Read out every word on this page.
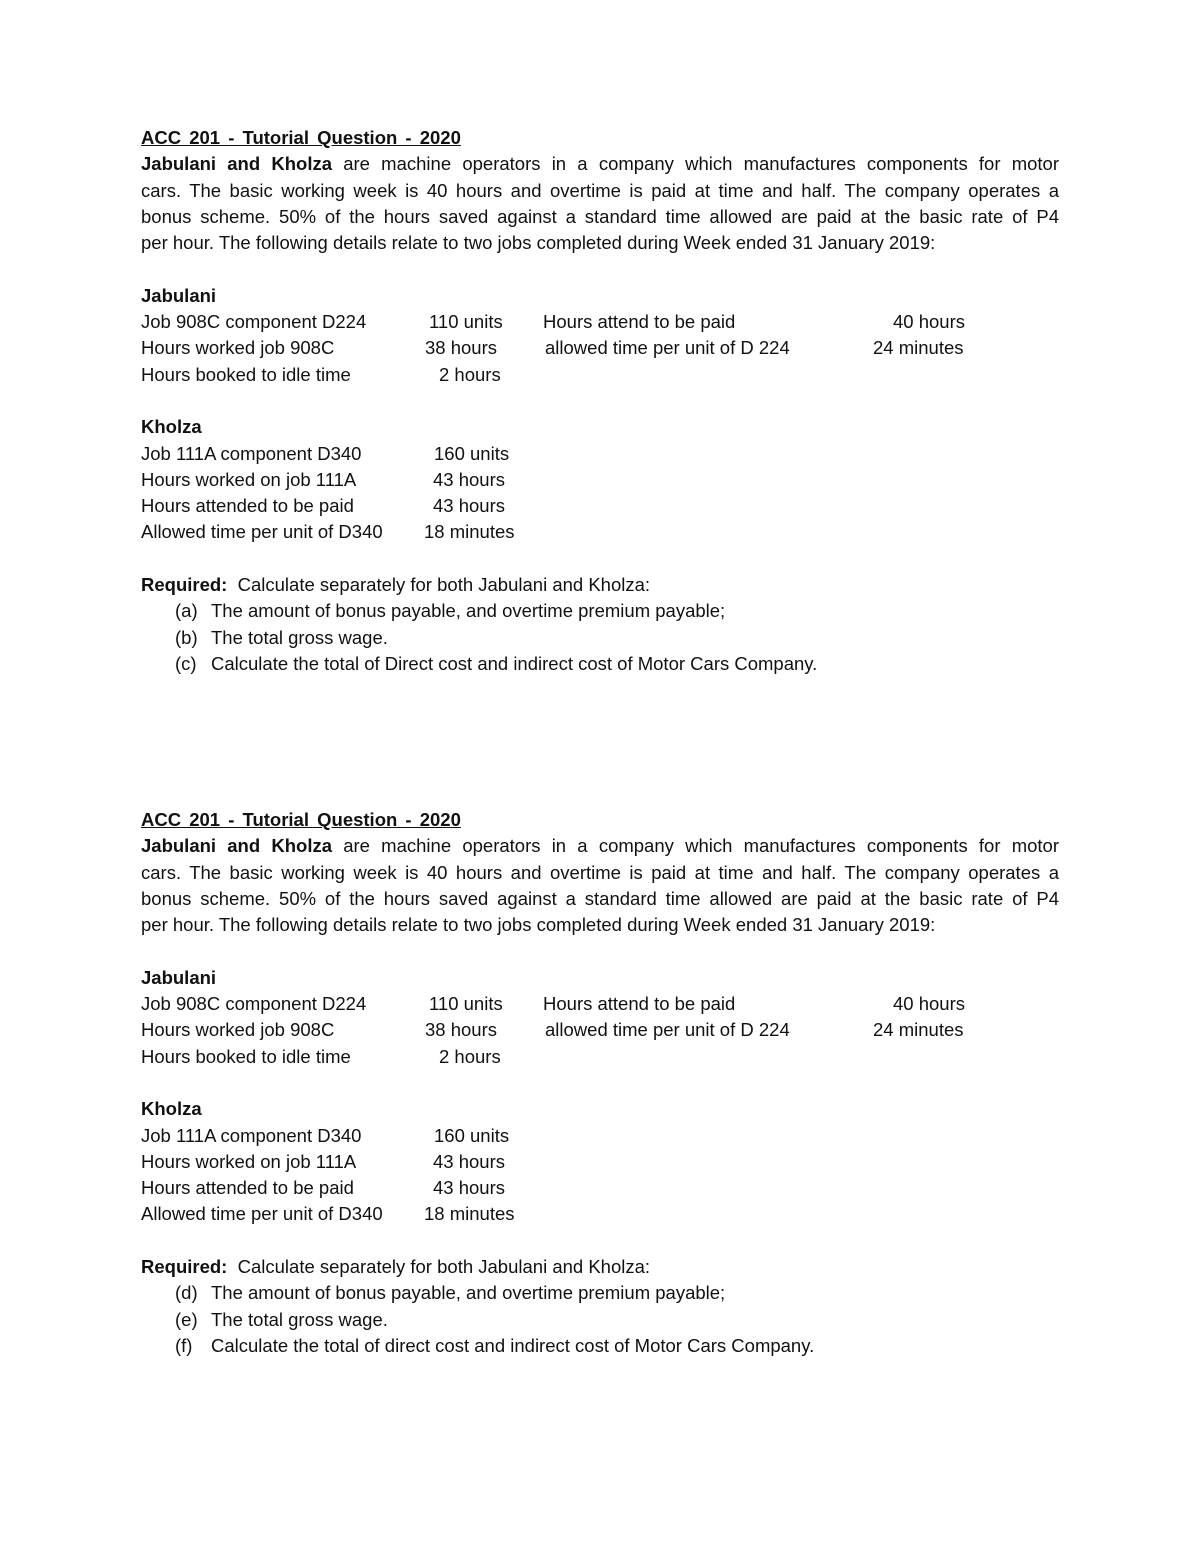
ACC 201 - Tutorial Question - 2020
Jabulani and Kholza are machine operators in a company which manufactures components for motor
cars. The basic working week is 40 hours and overtime is paid at time and half. The company operates a
bonus scheme. 50% of the hours saved against a standard time allowed are paid at the basic rate of P4
per hour. The following details relate to two jobs completed during Week ended 31 January 2019:
Jabulani
Job 908C component D224	110 units Hours attend to be paid	40 hours
Hours worked job 908C	38 hours	allowed time per unit of D 224	24 minutes
Hours booked to idle time	2 hours
Kholza
Job 111A component D340	160 units
Hours worked on job 111A	43 hours
Hours attended to be paid	43 hours
Allowed time per unit of D340 18 minutes
Required:  Calculate separately for both Jabulani and Kholza:
(a) The amount of bonus payable, and overtime premium payable;
(b) The total gross wage.
(c) Calculate the total of Direct cost and indirect cost of Motor Cars Company.
ACC 201 - Tutorial Question - 2020
Jabulani and Kholza are machine operators in a company which manufactures components for motor
cars. The basic working week is 40 hours and overtime is paid at time and half. The company operates a
bonus scheme. 50% of the hours saved against a standard time allowed are paid at the basic rate of P4
per hour. The following details relate to two jobs completed during Week ended 31 January 2019:
Jabulani
Job 908C component D224	110 units Hours attend to be paid	40 hours
Hours worked job 908C	38 hours	allowed time per unit of D 224	24 minutes
Hours booked to idle time	2 hours
Kholza
Job 111A component D340	160 units
Hours worked on job 111A	43 hours
Hours attended to be paid	43 hours
Allowed time per unit of D340 18 minutes
Required:  Calculate separately for both Jabulani and Kholza:
(d) The amount of bonus payable, and overtime premium payable;
(e) The total gross wage.
(f) Calculate the total of direct cost and indirect cost of Motor Cars Company.
